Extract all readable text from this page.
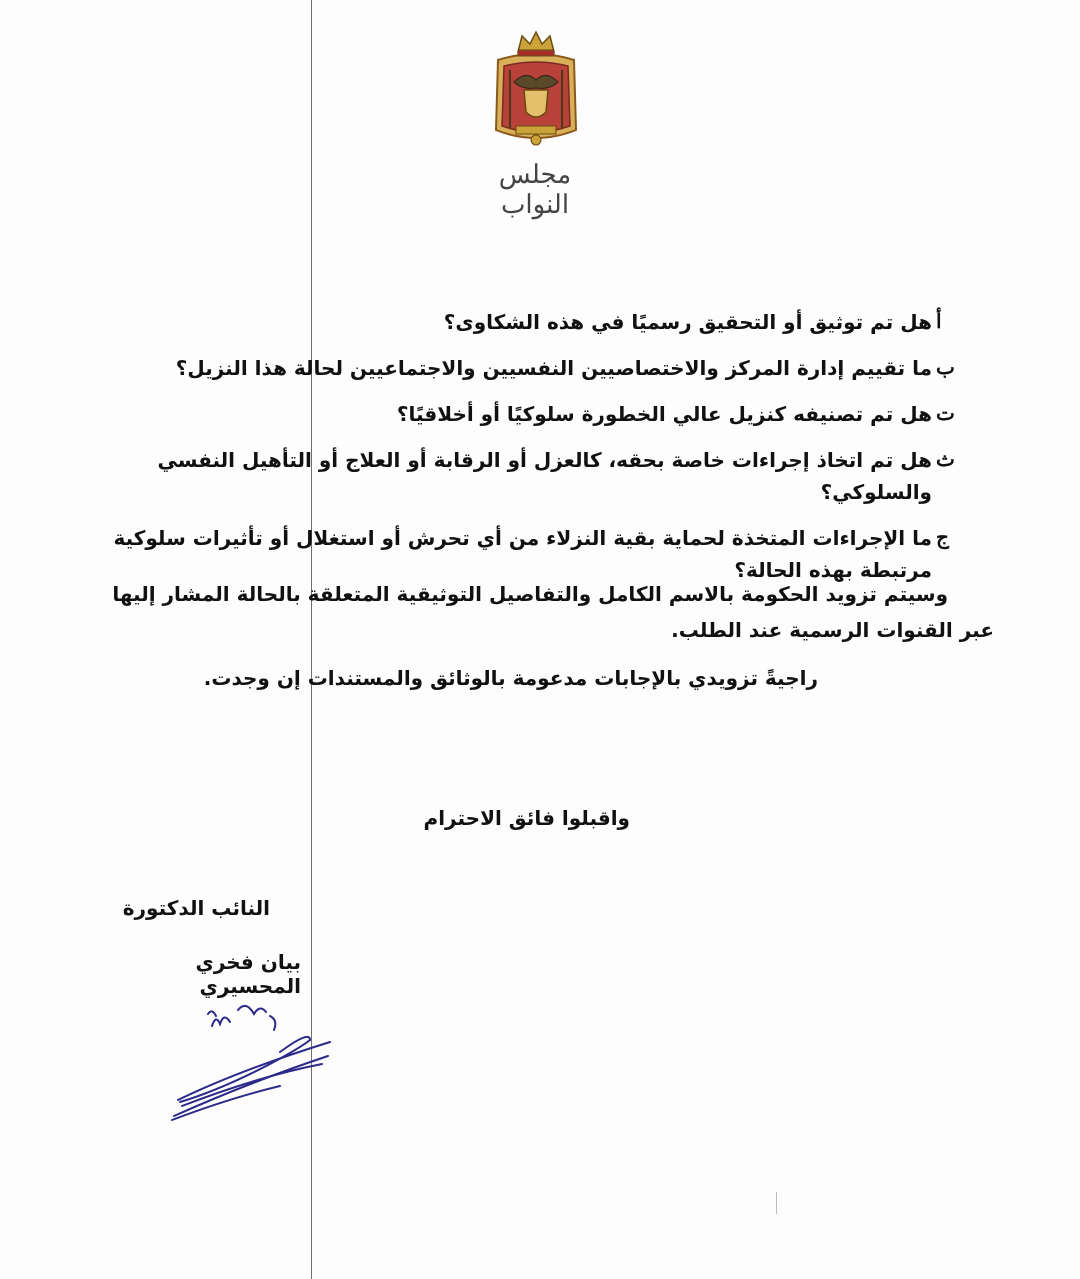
مجلس النواب
أ
هل تم توثيق أو التحقيق رسميًا في هذه الشكاوى؟
ب
ما تقييم إدارة المركز والاختصاصيين النفسيين والاجتماعيين لحالة هذا النزيل؟
ت
هل تم تصنيفه كنزيل عالي الخطورة سلوكيًا أو أخلاقيًا؟
ث
هل تم اتخاذ إجراءات خاصة بحقه، كالعزل أو الرقابة أو العلاج أو التأهيل النفسي والسلوكي؟
ج
ما الإجراءات المتخذة لحماية بقية النزلاء من أي تحرش أو استغلال أو تأثيرات سلوكية مرتبطة بهذه الحالة؟

وسيتم تزويد الحكومة بالاسم الكامل والتفاصيل التوثيقية المتعلقة بالحالة المشار إليها عبر القنوات الرسمية عند الطلب.

راجيةً تزويدي بالإجابات مدعومة بالوثائق والمستندات إن وجدت.

واقبلوا فائق الاحترام
النائب الدكتورة
بيان فخري المحسيري
